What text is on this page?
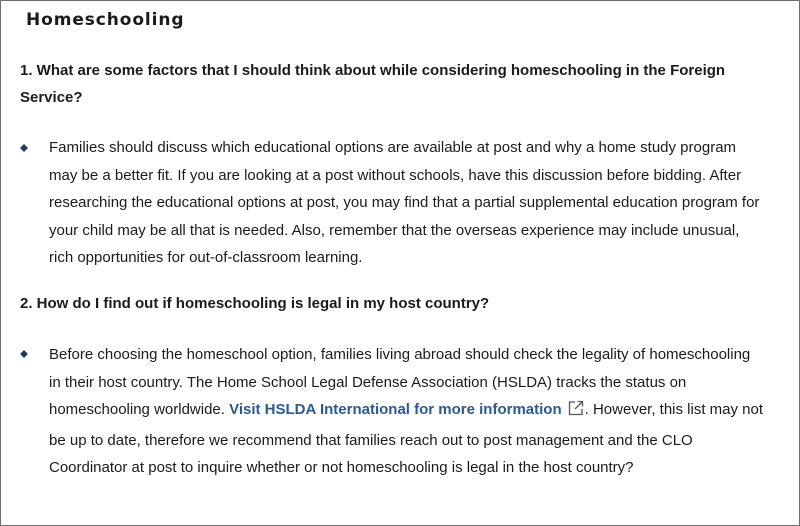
Homeschooling

1. What are some factors that I should think about while considering homeschooling in the Foreign Service?

Families should discuss which educational options are available at post and why a home study program may be a better fit. If you are looking at a post without schools, have this discussion before bidding. After researching the educational options at post, you may find that a partial supplemental education program for your child may be all that is needed. Also, remember that the overseas experience may include unusual, rich opportunities for out-of-classroom learning.

2. How do I find out if homeschooling is legal in my host country?

Before choosing the homeschool option, families living abroad should check the legality of homeschooling in their host country. The Home School Legal Defense Association (HSLDA) tracks the status on homeschooling worldwide. Visit HSLDA International for more information . However, this list may not be up to date, therefore we recommend that families reach out to post management and the CLO Coordinator at post to inquire whether or not homeschooling is legal in the host country?
